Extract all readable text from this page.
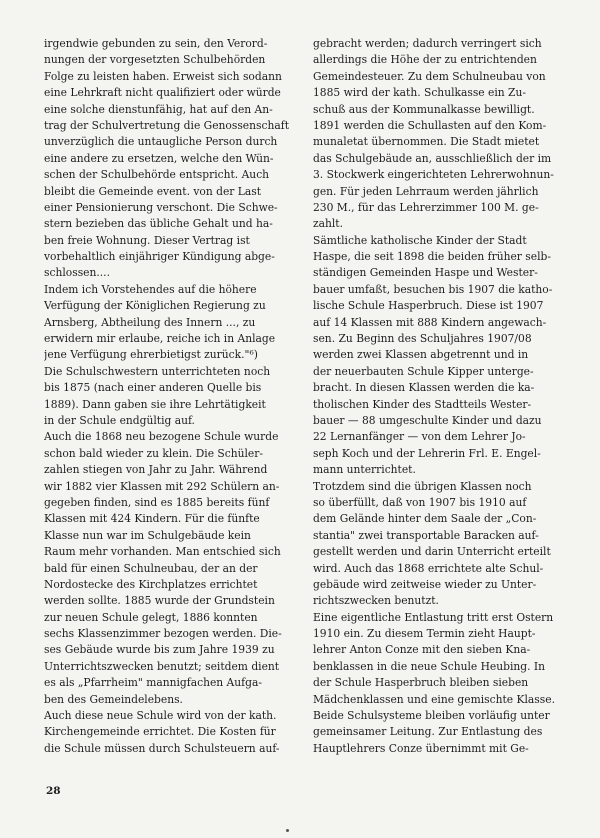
irgendwie gebunden zu sein, den Verord-
nungen der vorgesetzten Schulbehörden
Folge zu leisten haben. Erweist sich sodann
eine Lehrkraft nicht qualifiziert oder würde
eine solche dienstunfähig, hat auf den An-
trag der Schulvertretung die Genossenschaft
unverzüglich die untaugliche Person durch
eine andere zu ersetzen, welche den Wün-
schen der Schulbehörde entspricht. Auch
bleibt die Gemeinde event. von der Last
einer Pensionierung verschont. Die Schwe-
stern bezieben das übliche Gehalt und ha-
ben freie Wohnung. Dieser Vertrag ist
vorbehaltlich einjähriger Kündigung abge-
schlossen....
Indem ich Vorstehendes auf die höhere
Verfügung der Königlichen Regierung zu
Arnsberg, Abtheilung des Innern ..., zu
erwidern mir erlaube, reiche ich in Anlage
jene Verfügung ehrerbietigst zurück."⁶)
Die Schulschwestern unterrichteten noch
bis 1875 (nach einer anderen Quelle bis
1889). Dann gaben sie ihre Lehrtätigkeit
in der Schule endgültig auf.
Auch die 1868 neu bezogene Schule wurde
schon bald wieder zu klein. Die Schüler-
zahlen stiegen von Jahr zu Jahr. Während
wir 1882 vier Klassen mit 292 Schülern an-
gegeben finden, sind es 1885 bereits fünf
Klassen mit 424 Kindern. Für die fünfte
Klasse nun war im Schulgebäude kein
Raum mehr vorhanden. Man entschied sich
bald für einen Schulneubau, der an der
Nordostecke des Kirchplatzes errichtet
werden sollte. 1885 wurde der Grundstein
zur neuen Schule gelegt, 1886 konnten
sechs Klassenzimmer bezogen werden. Die-
ses Gebäude wurde bis zum Jahre 1939 zu
Unterrichtszwecken benutzt; seitdem dient
es als „Pfarrheim" mannigfachen Aufga-
ben des Gemeindelebens.
Auch diese neue Schule wird von der kath.
Kirchengemeinde errichtet. Die Kosten für
die Schule müssen durch Schulsteuern auf-
gebracht werden; dadurch verringert sich
allerdings die Höhe der zu entrichtenden
Gemeindesteuer. Zu dem Schulneubau von
1885 wird der kath. Schulkasse ein Zu-
schuß aus der Kommunalkasse bewilligt.
1891 werden die Schullasten auf den Kom-
munaletat übernommen. Die Stadt mietet
das Schulgebäude an, ausschließlich der im
3. Stockwerk eingerichteten Lehrerwohnun-
gen. Für jeden Lehrraum werden jährlich
230 M., für das Lehrerzimmer 100 M. ge-
zahlt.
Sämtliche katholische Kinder der Stadt
Haspe, die seit 1898 die beiden früher selb-
ständigen Gemeinden Haspe und Wester-
bauer umfaßt, besuchen bis 1907 die katho-
lische Schule Hasperbruch. Diese ist 1907
auf 14 Klassen mit 888 Kindern angewach-
sen. Zu Beginn des Schuljahres 1907/08
werden zwei Klassen abgetrennt und in
der neuerbauten Schule Kipper unterge-
bracht. In diesen Klassen werden die ka-
tholischen Kinder des Stadtteils Wester-
bauer — 88 umgeschulte Kinder und dazu
22 Lernanfänger — von dem Lehrer Jo-
seph Koch und der Lehrerin Frl. E. Engel-
mann unterrichtet.
Trotzdem sind die übrigen Klassen noch
so überfüllt, daß von 1907 bis 1910 auf
dem Gelände hinter dem Saale der „Con-
stantia" zwei transportable Baracken auf-
gestellt werden und darin Unterricht erteilt
wird. Auch das 1868 errichtete alte Schul-
gebäude wird zeitweise wieder zu Unter-
richtszwecken benutzt.
Eine eigentliche Entlastung tritt erst Ostern
1910 ein. Zu diesem Termin zieht Haupt-
lehrer Anton Conze mit den sieben Kna-
benklassen in die neue Schule Heubing. In
der Schule Hasperbruch bleiben sieben
Mädchenklassen und eine gemischte Klasse.
Beide Schulsysteme bleiben vorläufig unter
gemeinsamer Leitung. Zur Entlastung des
Hauptlehrers Conze übernimmt mit Ge-
28
